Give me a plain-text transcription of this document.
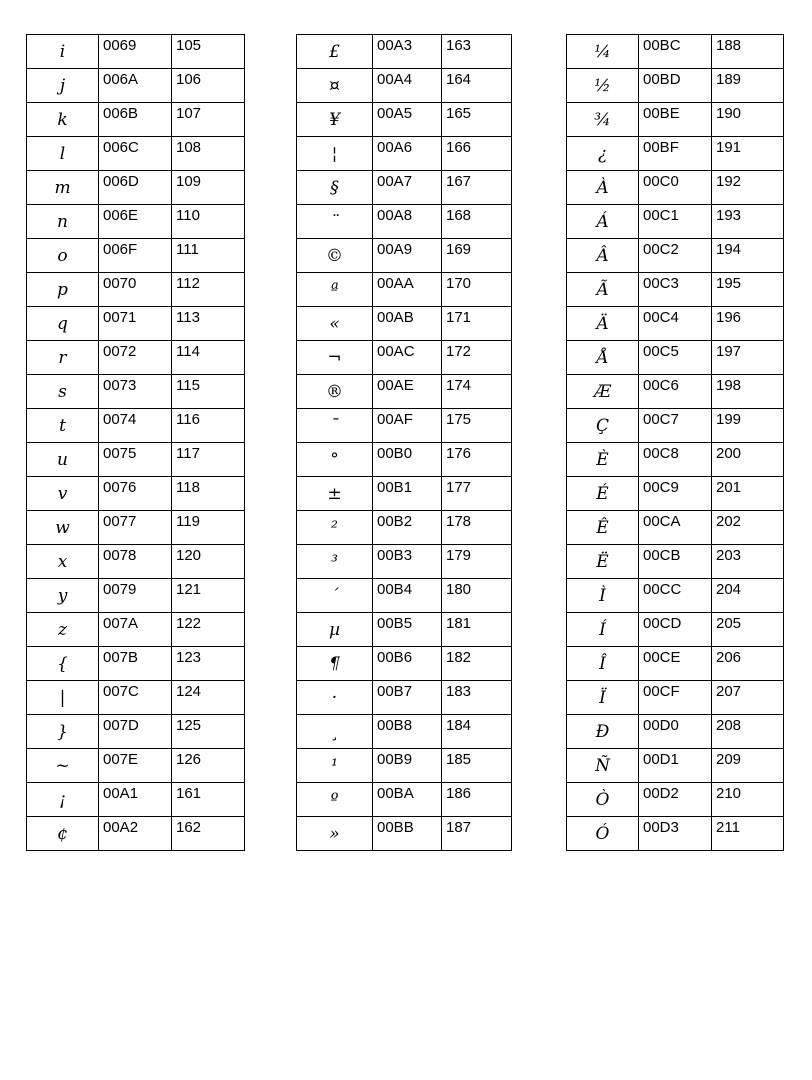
i	0069	105
j	006A	106
k	006B	107
l	006C	108
m	006D	109
n	006E	110
o	006F	111
p	0070	112
q	0071	113
r	0072	114
s	0073	115
t	0074	116
u	0075	117
v	0076	118
w	0077	119
x	0078	120
y	0079	121
z	007A	122
{	007B	123
|	007C	124
}	007D	125
~	007E	126
¡	00A1	161
¢	00A2	162
£	00A3	163
¤	00A4	164
¥	00A5	165
¦	00A6	166
§	00A7	167
¨	00A8	168
©	00A9	169
ª	00AA	170
«	00AB	171
¬	00AC	172
®	00AE	174
¯	00AF	175
°	00B0	176
±	00B1	177
²	00B2	178
³	00B3	179
´	00B4	180
µ	00B5	181
¶	00B6	182
·	00B7	183
¸	00B8	184
¹	00B9	185
º	00BA	186
»	00BB	187
¼	00BC	188
½	00BD	189
¾	00BE	190
¿	00BF	191
À	00C0	192
Á	00C1	193
Â	00C2	194
Ã	00C3	195
Ä	00C4	196
Å	00C5	197
Æ	00C6	198
Ç	00C7	199
È	00C8	200
É	00C9	201
Ê	00CA	202
Ë	00CB	203
Ì	00CC	204
Í	00CD	205
Î	00CE	206
Ï	00CF	207
Ð	00D0	208
Ñ	00D1	209
Ò	00D2	210
Ó	00D3	211
